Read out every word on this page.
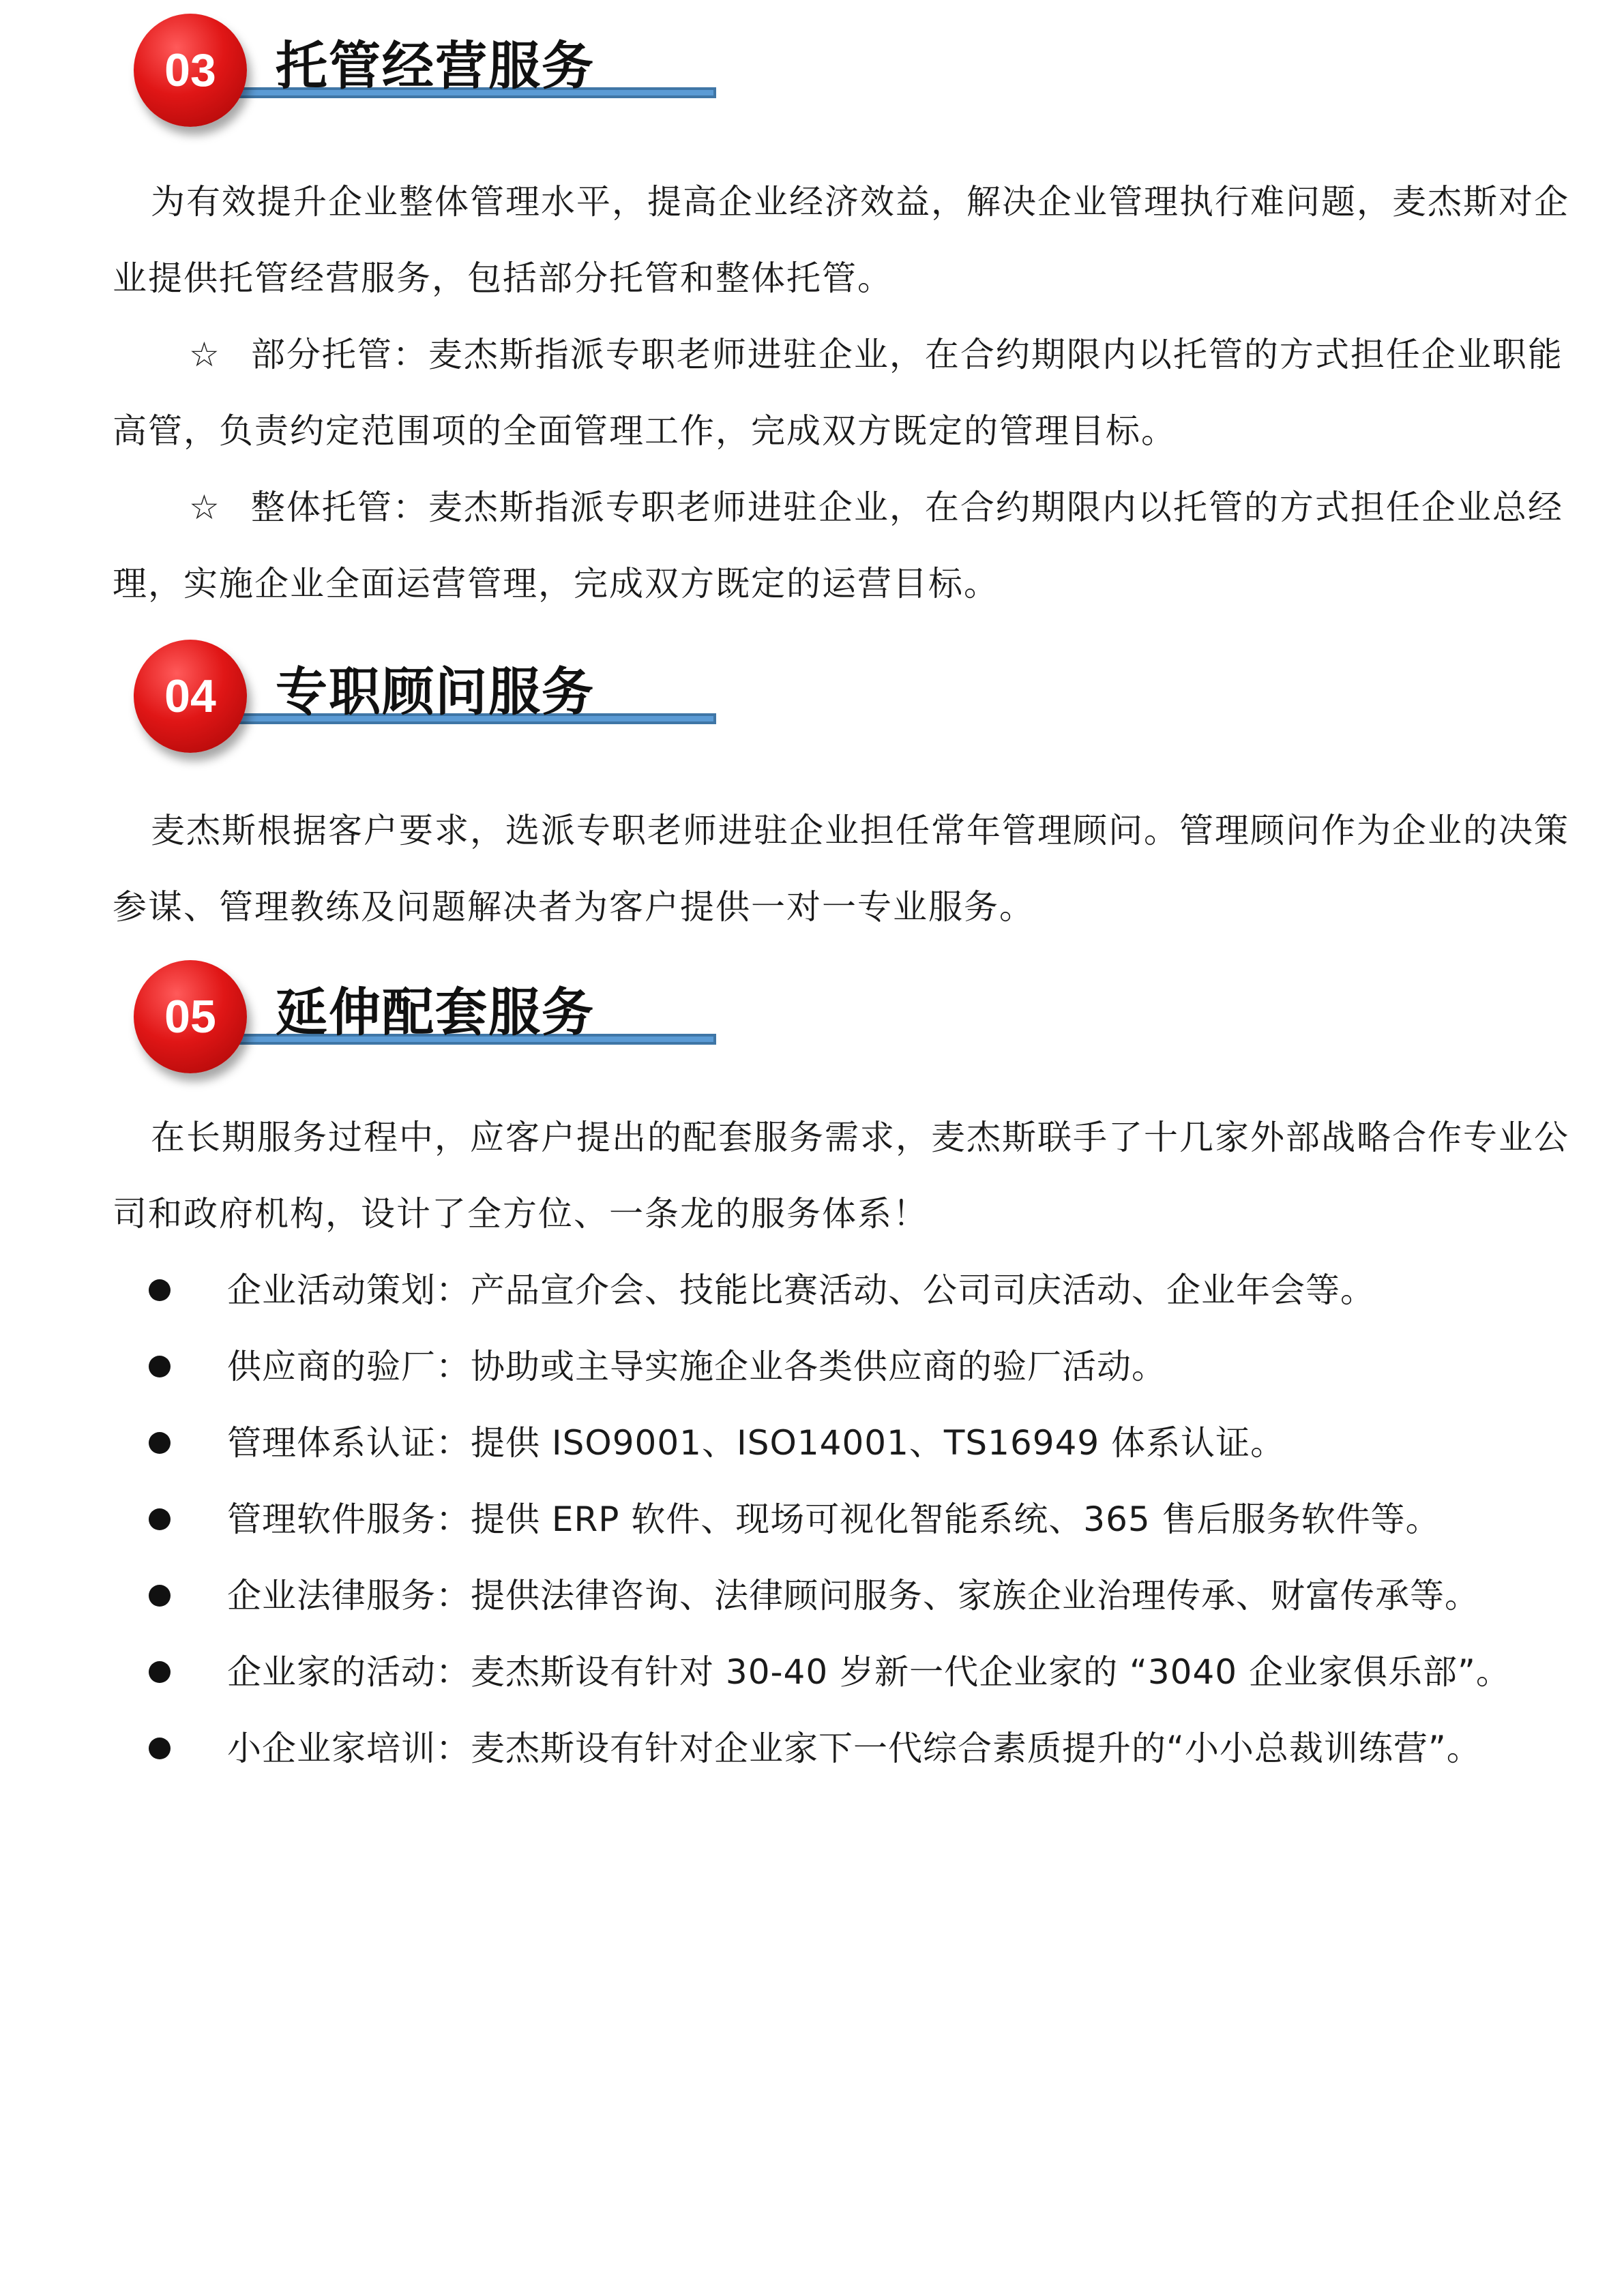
03	托管经营服务

为有效提升企业整体管理水平，提高企业经济效益，解决企业管理执行难问题，麦杰斯对企业提供托管经营服务，包括部分托管和整体托管。

☆ 部分托管：麦杰斯指派专职老师进驻企业，在合约期限内以托管的方式担任企业职能高管，负责约定范围项的全面管理工作，完成双方既定的管理目标。

☆ 整体托管：麦杰斯指派专职老师进驻企业，在合约期限内以托管的方式担任企业总经理，实施企业全面运营管理，完成双方既定的运营目标。

04	专职顾问服务

麦杰斯根据客户要求，选派专职老师进驻企业担任常年管理顾问。管理顾问作为企业的决策参谋、管理教练及问题解决者为客户提供一对一专业服务。

05	延伸配套服务

在长期服务过程中，应客户提出的配套服务需求，麦杰斯联手了十几家外部战略合作专业公司和政府机构，设计了全方位、一条龙的服务体系！

企业活动策划：产品宣介会、技能比赛活动、公司司庆活动、企业年会等。
供应商的验厂：协助或主导实施企业各类供应商的验厂活动。
管理体系认证：提供 ISO9001、ISO14001、TS16949 体系认证。
管理软件服务：提供 ERP 软件、现场可视化智能系统、365 售后服务软件等。
企业法律服务：提供法律咨询、法律顾问服务、家族企业治理传承、财富传承等。
企业家的活动：麦杰斯设有针对 30-40 岁新一代企业家的 “3040 企业家俱乐部”。
小企业家培训：麦杰斯设有针对企业家下一代综合素质提升的“小小总裁训练营”。
